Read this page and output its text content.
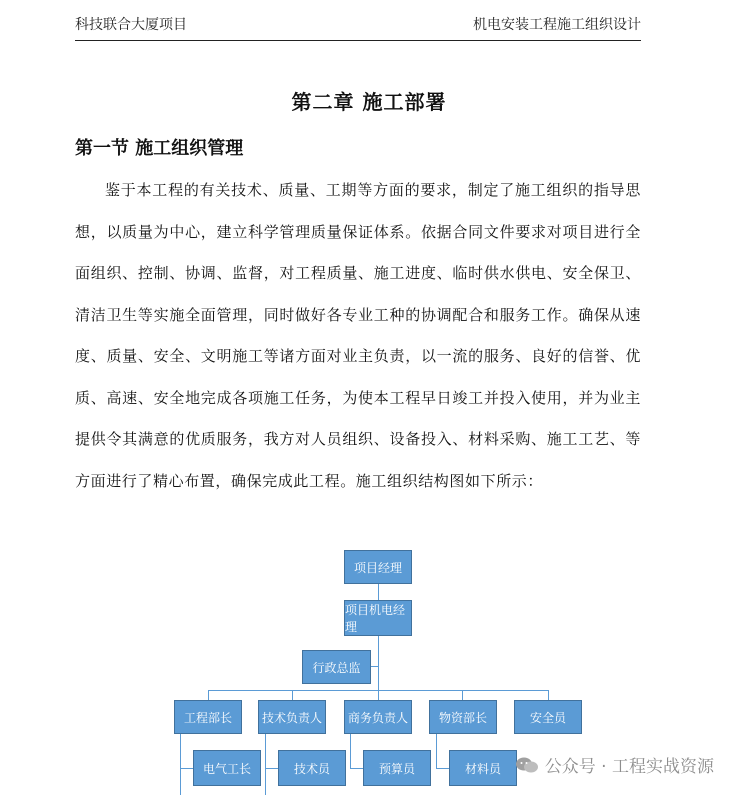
科技联合大厦项目	机电安装工程施工组织设计
第二章 施工部署
第一节 施工组织管理
鉴于本工程的有关技术、质量、工期等方面的要求，制定了施工组织的指导思想，以质量为中心，建立科学管理质量保证体系。依据合同文件要求对项目进行全面组织、控制、协调、监督，对工程质量、施工进度、临时供水供电、安全保卫、清洁卫生等实施全面管理，同时做好各专业工种的协调配合和服务工作。确保从速度、质量、安全、文明施工等诸方面对业主负责，以一流的服务、良好的信誉、优质、高速、安全地完成各项施工任务，为使本工程早日竣工并投入使用，并为业主提供令其满意的优质服务，我方对人员组织、设备投入、材料采购、施工工艺、等方面进行了精心布置，确保完成此工程。施工组织结构图如下所示：
项目经理
项目机电经理
行政总监
工程部长	技术负责人	商务负责人	物资部长	安全员
电气工长	技术员	预算员	材料员	公众号 · 工程实战资源
